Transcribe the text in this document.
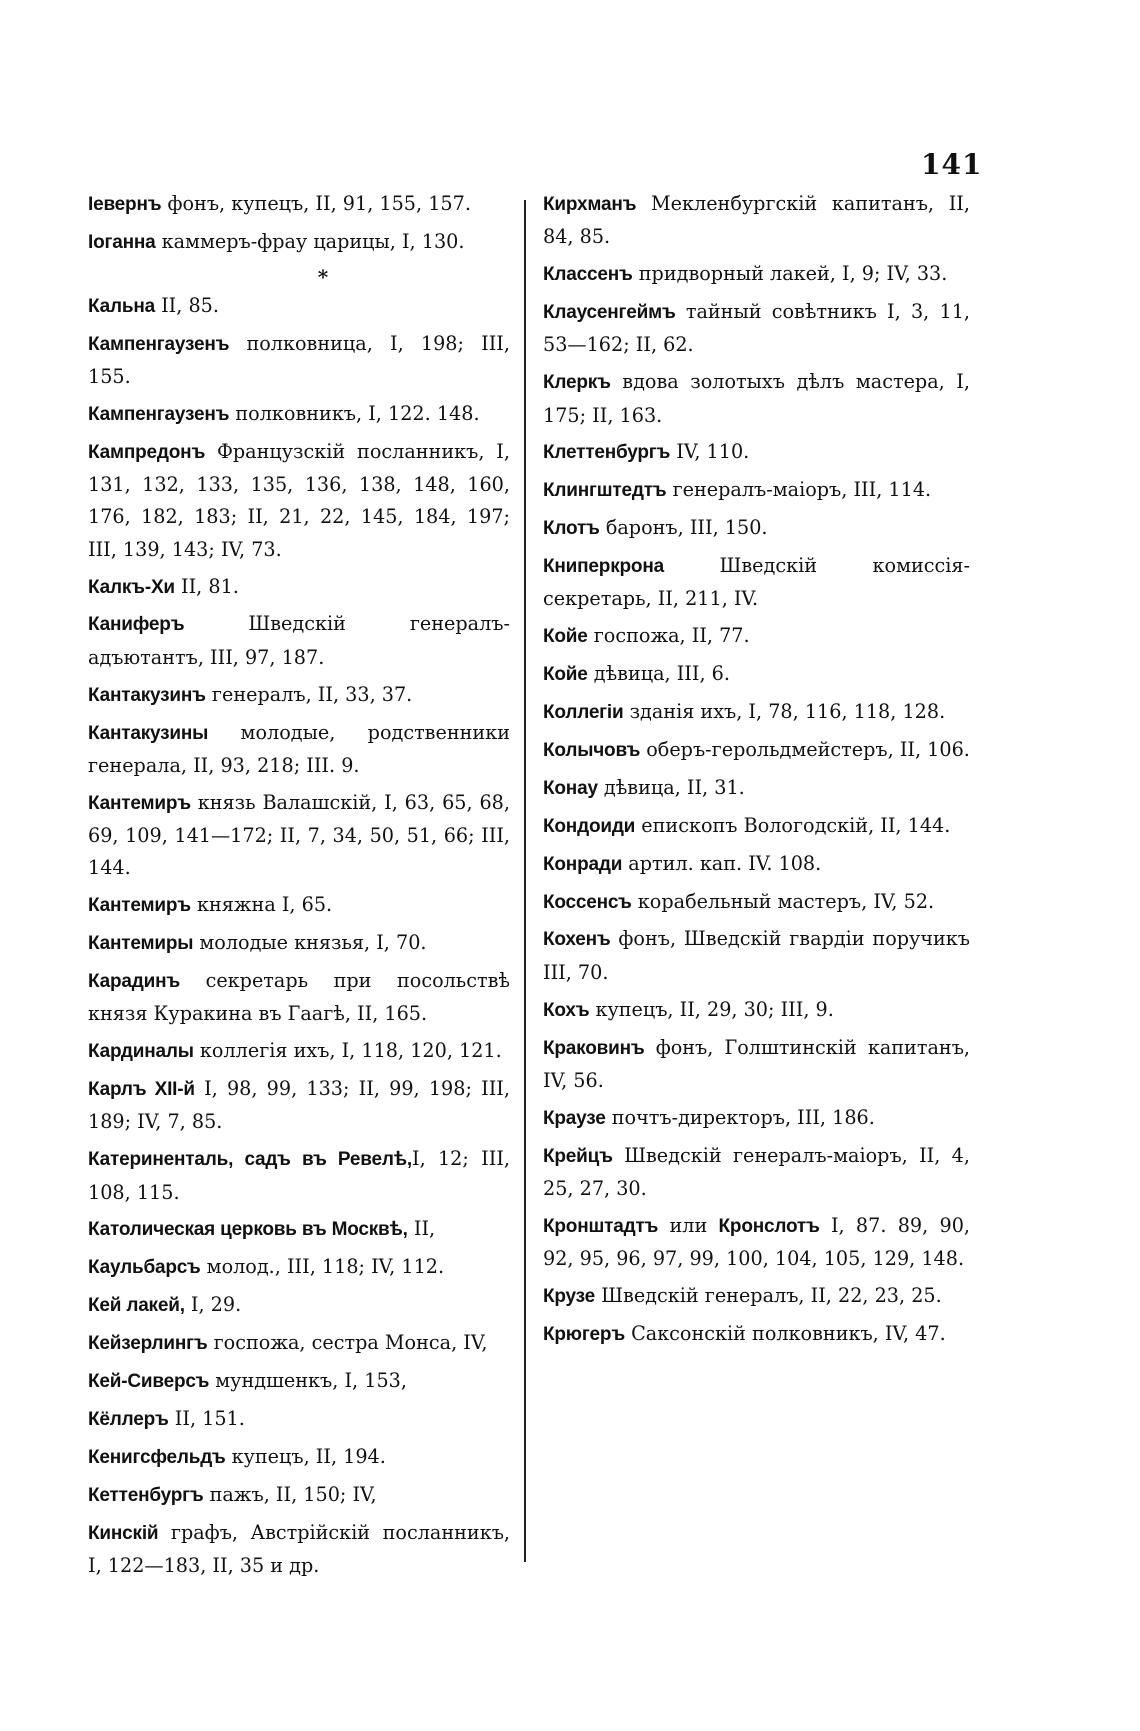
141

Іевернъ фонъ, купецъ, II, 91, 155, 157.

Іоганна каммеръ-фрау царицы, I, 130.

*

Кальна II, 85.

Кампенгаузенъ полковница, I, 198; III, 155.

Кампенгаузенъ полковникъ, I, 122. 148.

Кампредонъ Французскій посланникъ, I, 131, 132, 133, 135, 136, 138, 148, 160, 176, 182, 183; II, 21, 22, 145, 184, 197; III, 139, 143; IV, 73.

Калкъ-Хи II, 81.

Каниферъ Шведскій генералъ-адъютантъ, III, 97, 187.

Кантакузинъ генералъ, II, 33, 37.

Кантакузины молодые, родственники генерала, II, 93, 218; III. 9.

Кантемиръ князь Валашскій, I, 63, 65, 68, 69, 109, 141—172; II, 7, 34, 50, 51, 66; III, 144.

Кантемиръ княжна I, 65.

Кантемиры молодые князья, I, 70.

Карадинъ секретарь при посольствѣ князя Куракина въ Гаагѣ, II, 165.

Кардиналы коллегія ихъ, I, 118, 120, 121.

Карлъ XII-й I, 98, 99, 133; II, 99, 198; III, 189; IV, 7, 85.

Катериненталь, садъ въ Ревелѣ,I, 12; III, 108, 115.

Католическая церковь въ Москвѣ, II,

Каульбарсъ молод., III, 118; IV, 112.

Кей лакей, I, 29.

Кейзерлингъ госпожа, сестра Монса, IV,

Кей-Сиверсъ мундшенкъ, I, 153,

Кёллеръ II, 151.

Кенигсфельдъ купецъ, II, 194.

Кеттенбургъ пажъ, II, 150; IV,

Кинскій графъ, Австрійскій посланникъ, I, 122—183, II, 35 и др.

Кирхманъ Мекленбургскій капитанъ, II, 84, 85.

Классенъ придворный лакей, I, 9; IV, 33.

Клаусенгеймъ тайный совѣтникъ I, 3, 11, 53—162; II, 62.

Клеркъ вдова золотыхъ дѣлъ мастера, I, 175; II, 163.

Клеттенбургъ IV, 110.

Клингштедтъ генералъ-маіоръ, III, 114.

Клотъ баронъ, III, 150.

Книперкрона Шведскій комиссія-секретарь, II, 211, IV.

Койе госпожа, II, 77.

Койе дѣвица, III, 6.

Коллегіи зданія ихъ, I, 78, 116, 118, 128.

Колычовъ оберъ-герольдмейстеръ, II, 106.

Конау дѣвица, II, 31.

Кондоиди епископъ Вологодскій, II, 144.

Конради артил. кап. IV. 108.

Коссенсъ корабельный мастеръ, IV, 52.

Кохенъ фонъ, Шведскій гвардіи поручикъ III, 70.

Кохъ купецъ, II, 29, 30; III, 9.

Краковинъ фонъ, Голштинскій капитанъ, IV, 56.

Краузе почтъ-директоръ, III, 186.

Крейцъ Шведскій генералъ-маіоръ, II, 4, 25, 27, 30.

Кронштадтъ или Кронслотъ I, 87. 89, 90, 92, 95, 96, 97, 99, 100, 104, 105, 129, 148.

Крузе Шведскій генералъ, II, 22, 23, 25.

Крюгеръ Саксонскій полковникъ, IV, 47.
